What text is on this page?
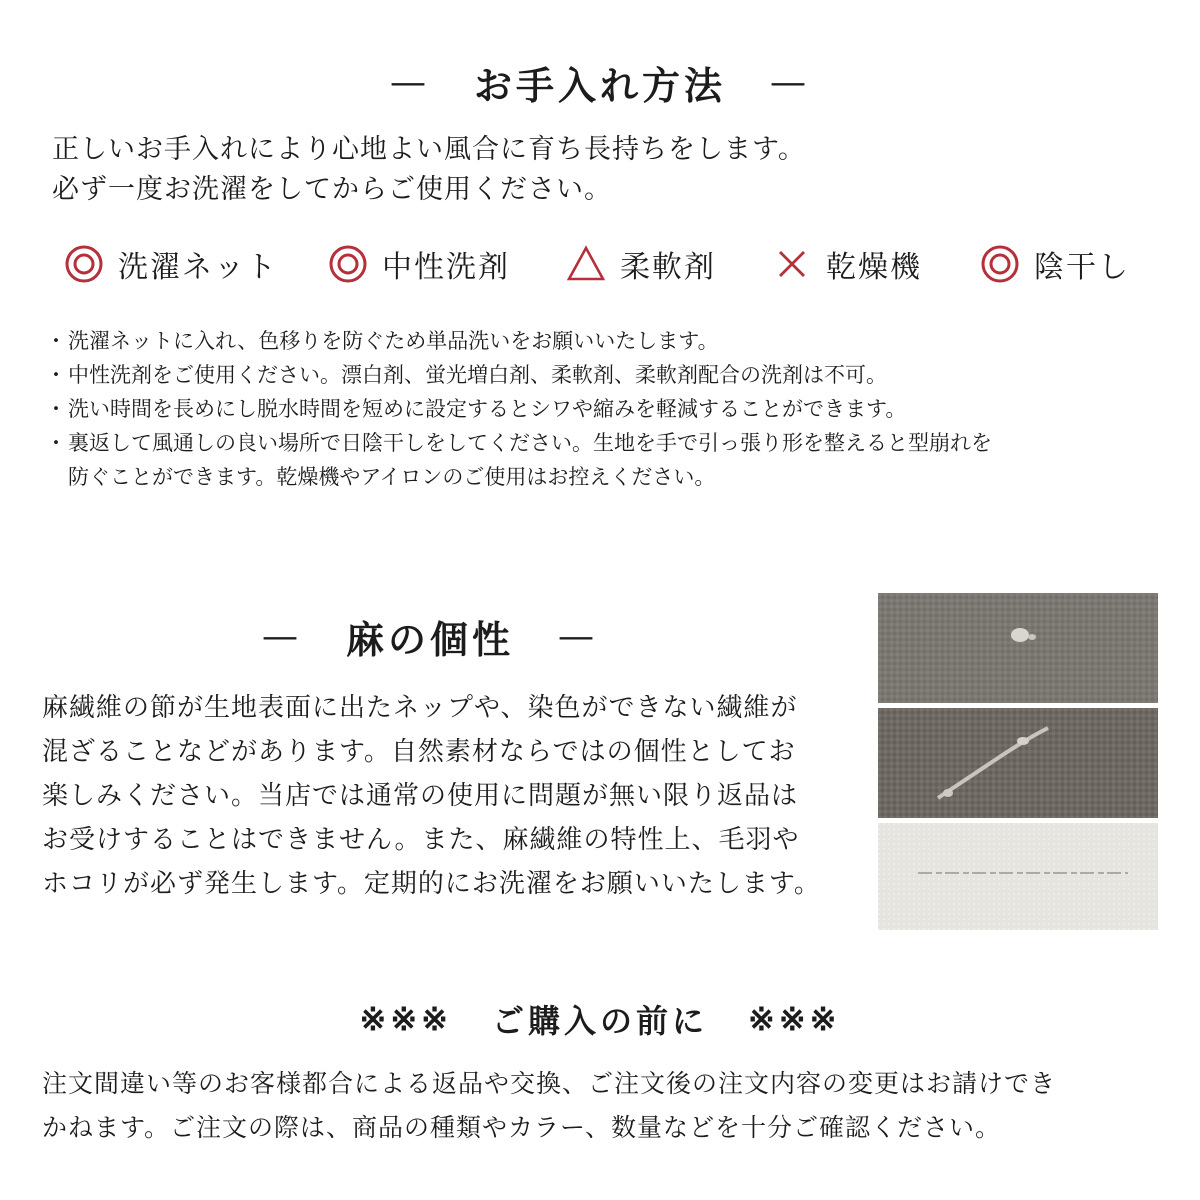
— お手入れ方法 —
正しいお手入れにより心地よい風合に育ち長持ちをします。
必ず一度お洗濯をしてからご使用ください。
洗濯ネット	中性洗剤	柔軟剤	乾燥機	陰干し
・ 洗濯ネットに入れ、色移りを防ぐため単品洗いをお願いいたします。
・ 中性洗剤をご使用ください。漂白剤、蛍光増白剤、柔軟剤、柔軟剤配合の洗剤は不可。
・ 洗い時間を長めにし脱水時間を短めに設定するとシワや縮みを軽減することができます。
・ 裏返して風通しの良い場所で日陰干しをしてください。生地を手で引っ張り形を整えると型崩れを
防ぐことができます。乾燥機やアイロンのご使用はお控えください。
— 麻の個性 —
麻繊維の節が生地表面に出たネップや、染色ができない繊維が
混ざることなどがあります。自然素材ならではの個性としてお
楽しみください。当店では通常の使用に問題が無い限り返品は
お受けすることはできません。また、麻繊維の特性上、毛羽や
ホコリが必ず発生します。定期的にお洗濯をお願いいたします。
※※※ ご購入の前に ※※※
注文間違い等のお客様都合による返品や交換、ご注文後の注文内容の変更はお請けでき
かねます。ご注文の際は、商品の種類やカラー、数量などを十分ご確認ください。
